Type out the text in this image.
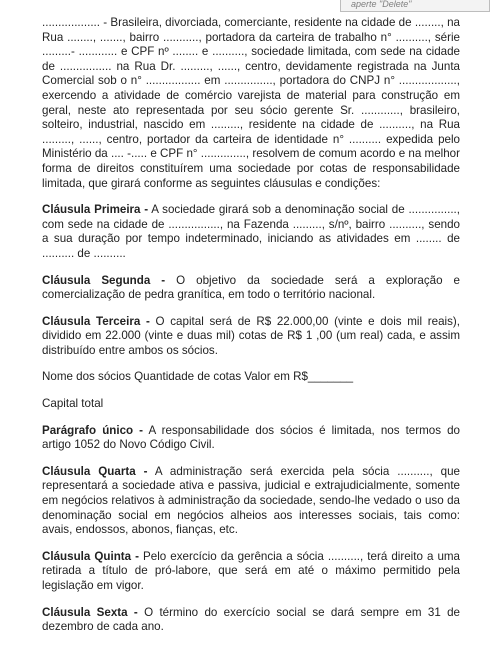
aperte "Delete"

.................. - Brasileira, divorciada, comerciante, residente na cidade de ........, na Rua ........, ......., bairro ..........., portadora da carteira de trabalho n° .........., série .........- ............ e CPF nº ........ e .........., sociedade limitada, com sede na cidade de ................ na Rua Dr. ........., ......, centro, devidamente registrada na Junta Comercial sob o n° ................. em ..............., portadora do CNPJ n° .................., exercendo a atividade de comércio varejista de material para construção em geral, neste ato representada por seu sócio gerente Sr. ............, brasileiro, solteiro, industrial, nascido em ........., residente na cidade de .........., na Rua ........., ......, centro, portador da carteira de identidade n° .......... expedida pelo Ministério da .... -..... e CPF n° .............., resolvem de comum acordo e na melhor forma de direitos constituírem uma sociedade por cotas de responsabilidade limitada, que girará conforme as seguintes cláusulas e condições:

Cláusula Primeira - A sociedade girará sob a denominação social de ..............., com sede na cidade de ................, na Fazenda ........., s/nº, bairro .........., sendo a sua duração por tempo indeterminado, iniciando as atividades em ........ de .......... de ..........

Cláusula Segunda - O objetivo da sociedade será a exploração e comercialização de pedra granítica, em todo o território nacional.

Cláusula Terceira - O capital será de R$ 22.000,00 (vinte e dois mil reais), dividido em 22.000 (vinte e duas mil) cotas de R$ 1 ,00 (um real) cada, e assim distribuído entre ambos os sócios.

Nome dos sócios Quantidade de cotas Valor em R$_______

Capital total

Parágrafo único - A responsabilidade dos sócios é limitada, nos termos do artigo 1052 do Novo Código Civil.

Cláusula Quarta - A administração será exercida pela sócia .........., que representará a sociedade ativa e passiva, judicial e extrajudicialmente, somente em negócios relativos à administração da sociedade, sendo-lhe vedado o uso da denominação social em negócios alheios aos interesses sociais, tais como: avais, endossos, abonos, fianças, etc.

Cláusula Quinta - Pelo exercício da gerência a sócia .........., terá direito a uma retirada a título de pró-labore, que será em até o máximo permitido pela legislação em vigor.

Cláusula Sexta - O término do exercício social se dará sempre em 31 de dezembro de cada ano.
